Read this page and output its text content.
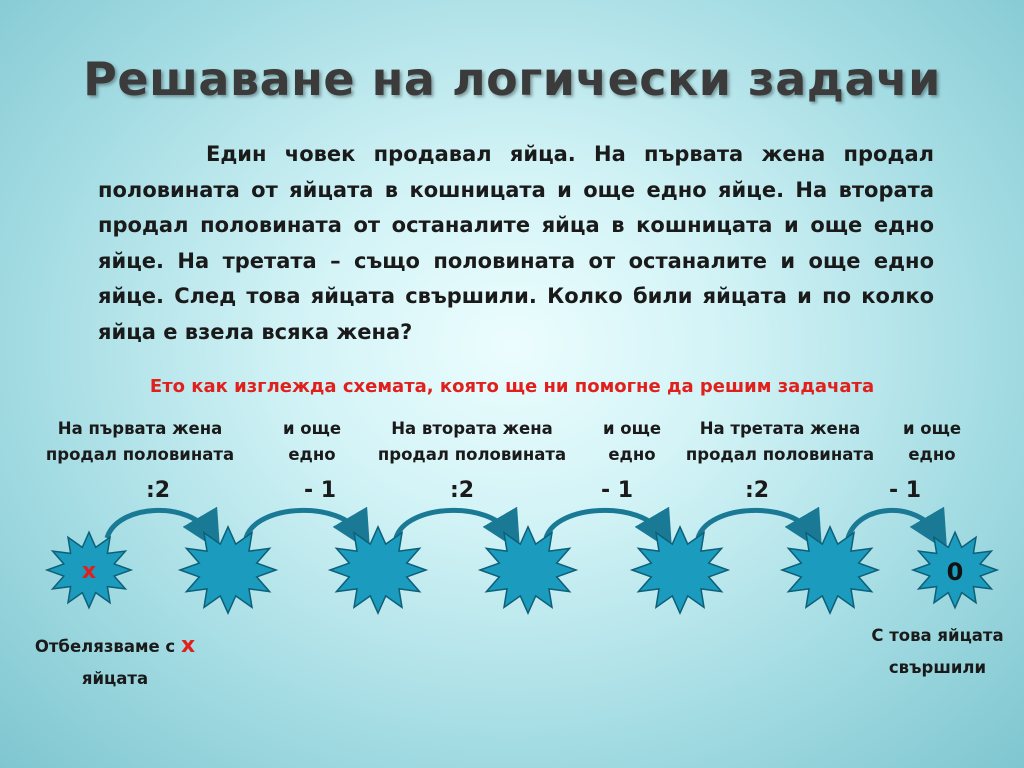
Решаване на логически задачи
Един човек продавал яйца. На първата жена продал половината от яйцата в кошницата и още едно яйце. На втората продал половината от останалите яйца в кошницата и още едно яйце. На третата – също половината от останалите и още едно яйце. След това яйцата свършили. Колко били яйцата и по колко яйца е взела всяка жена?
Ето как изглежда схемата, която ще ни помогне да решим задачата
На първата жена
продал половината
и още
едно
На втората жена
продал половината
и още
едно
На третата жена
продал половината
и още
едно
:2	- 1	:2	- 1	:2	- 1
x	0
Отбелязваме с x
яйцата
С това яйцата
свършили
